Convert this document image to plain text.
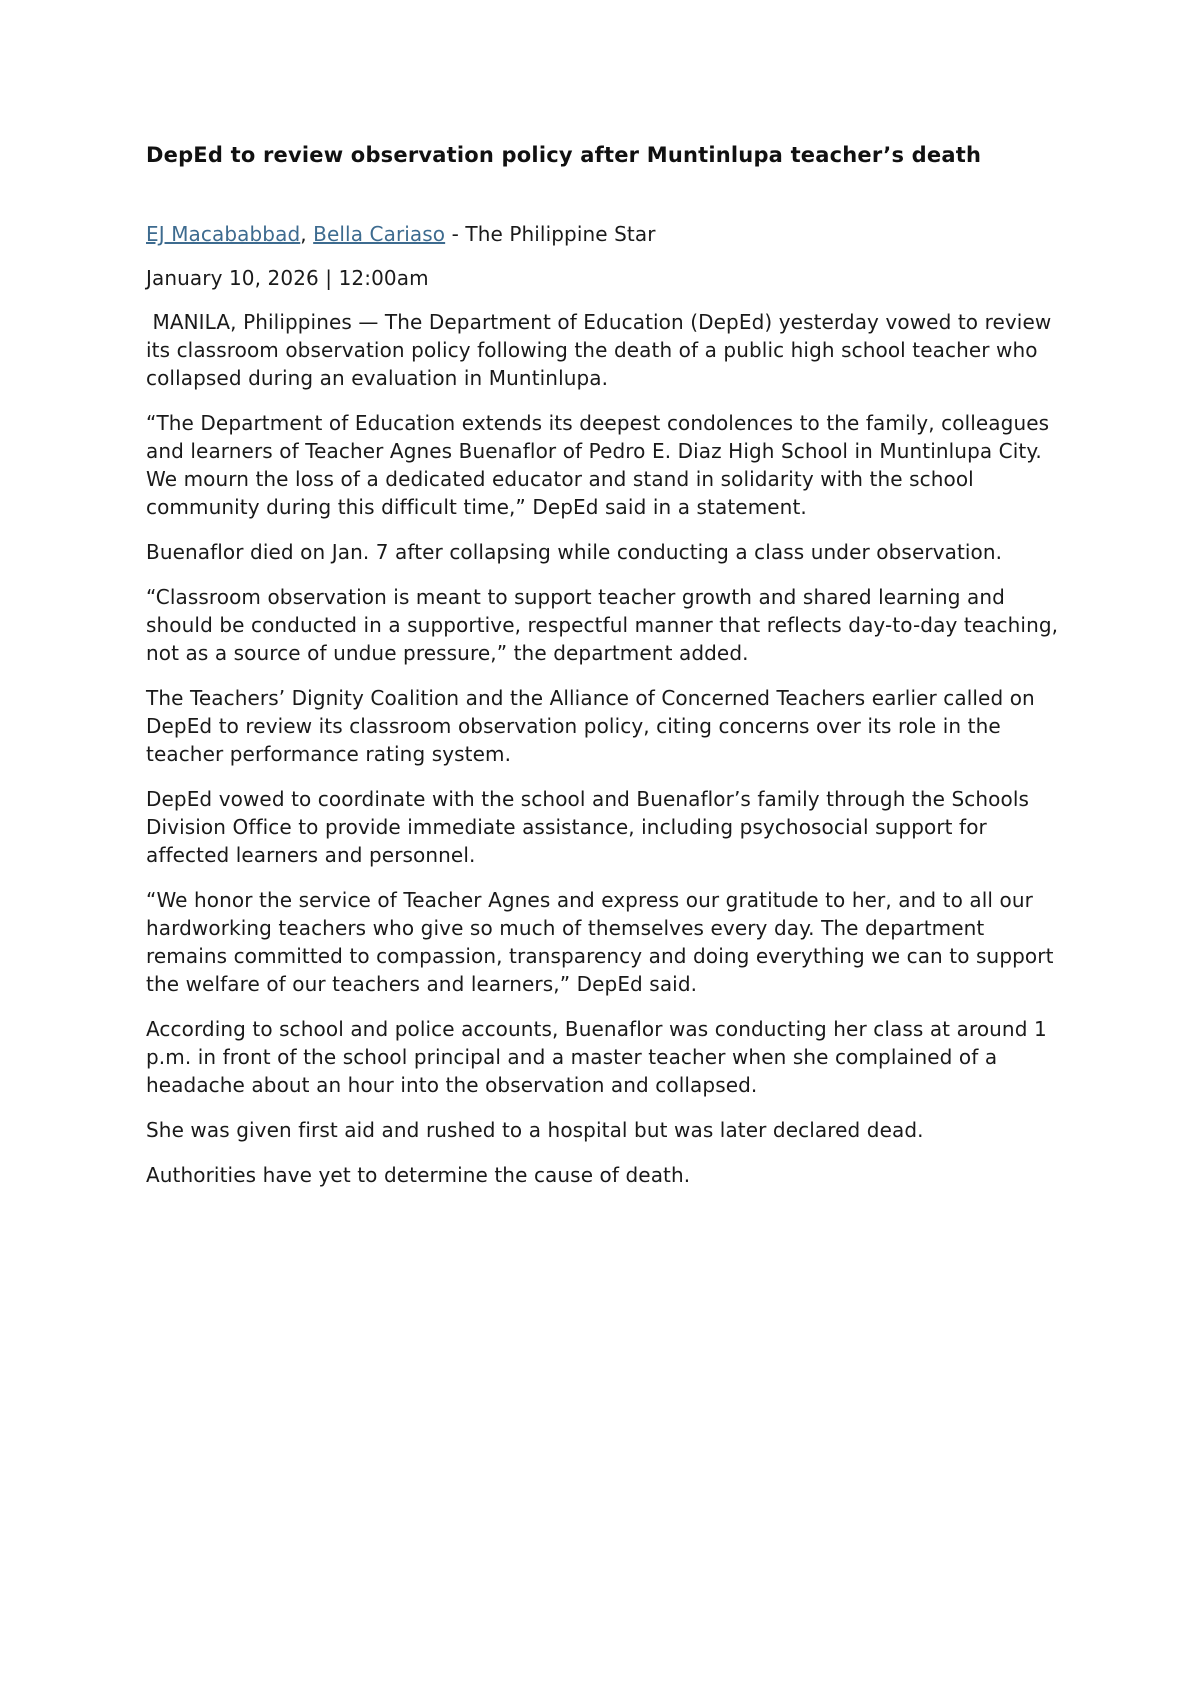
DepEd to review observation policy after Muntinlupa teacher’s death

EJ Macababbad, Bella Cariaso - The Philippine Star

January 10, 2026 | 12:00am

MANILA, Philippines — The Department of Education (DepEd) yesterday vowed to review its classroom observation policy following the death of a public high school teacher who collapsed during an evaluation in Muntinlupa.

“The Department of Education extends its deepest condolences to the family, colleagues and learners of Teacher Agnes Buenaflor of Pedro E. Diaz High School in Muntinlupa City. We mourn the loss of a dedicated educator and stand in solidarity with the school community during this difficult time,” DepEd said in a statement.

Buenaflor died on Jan. 7 after collapsing while conducting a class under observation.

“Classroom observation is meant to support teacher growth and shared learning and should be conducted in a supportive, respectful manner that reflects day-to-day teaching, not as a source of undue pressure,” the department added.

The Teachers’ Dignity Coalition and the Alliance of Concerned Teachers earlier called on DepEd to review its classroom observation policy, citing concerns over its role in the teacher performance rating system.

DepEd vowed to coordinate with the school and Buenaflor’s family through the Schools Division Office to provide immediate assistance, including psychosocial support for affected learners and personnel.

“We honor the service of Teacher Agnes and express our gratitude to her, and to all our hardworking teachers who give so much of themselves every day. The department remains committed to compassion, transparency and doing everything we can to support the welfare of our teachers and learners,” DepEd said.

According to school and police accounts, Buenaflor was conducting her class at around 1 p.m. in front of the school principal and a master teacher when she complained of a headache about an hour into the observation and collapsed.

She was given first aid and rushed to a hospital but was later declared dead.

Authorities have yet to determine the cause of death.
